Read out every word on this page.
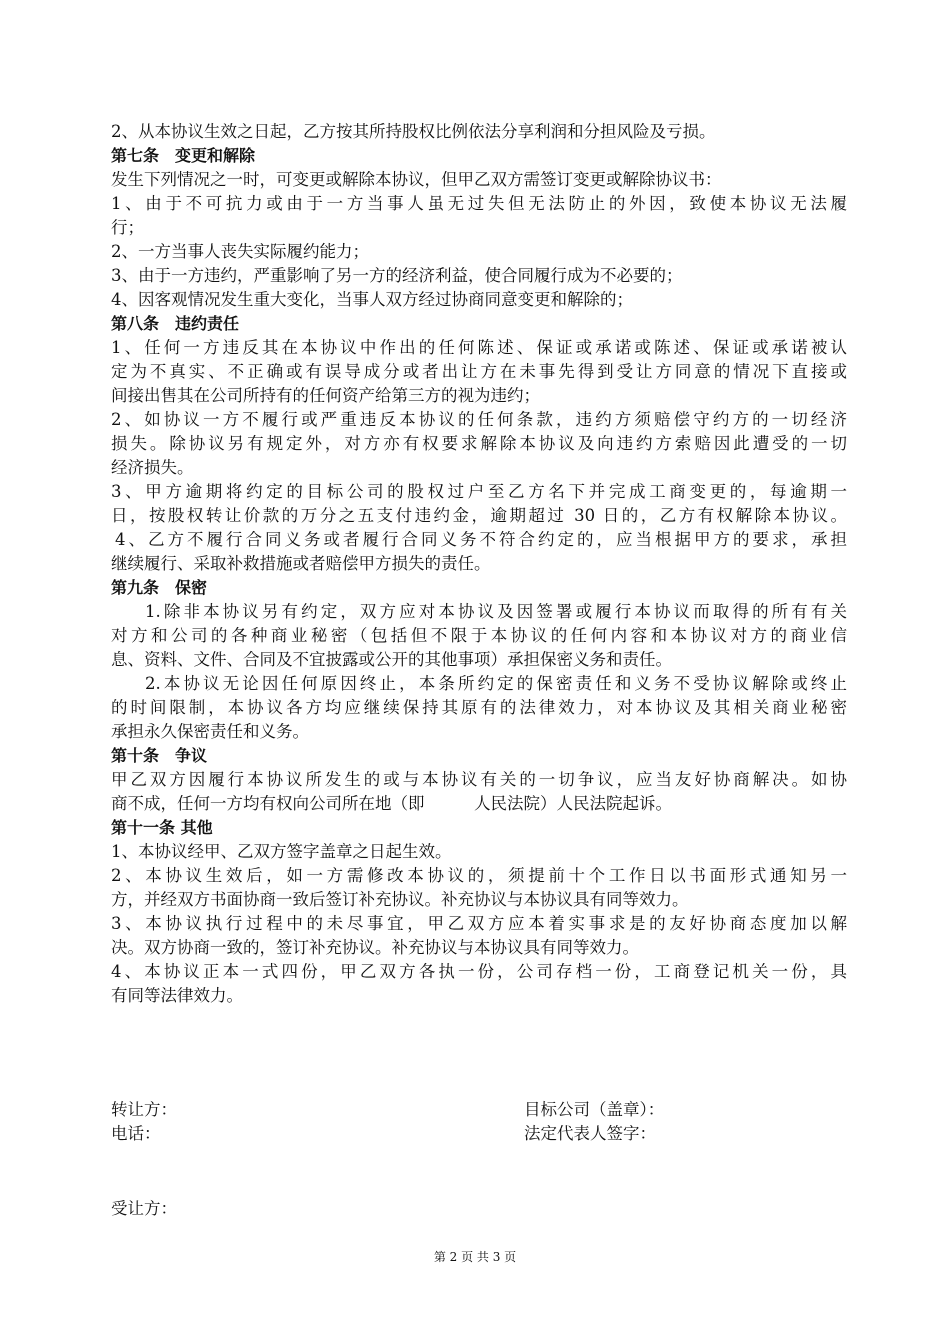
2、从本协议生效之日起，乙方按其所持股权比例依法分享利润和分担风险及亏损。
第七条　变更和解除
发生下列情况之一时，可变更或解除本协议，但甲乙双方需签订变更或解除协议书：
1、由于不可抗力或由于一方当事人虽无过失但无法防止的外因，致使本协议无法履
行；
2、一方当事人丧失实际履约能力；
3、由于一方违约，严重影响了另一方的经济利益，使合同履行成为不必要的；
4、因客观情况发生重大变化，当事人双方经过协商同意变更和解除的；
第八条　违约责任
1、任何一方违反其在本协议中作出的任何陈述、保证或承诺或陈述、保证或承诺被认
定为不真实、不正确或有误导成分或者出让方在未事先得到受让方同意的情况下直接或
间接出售其在公司所持有的任何资产给第三方的视为违约；
2、如协议一方不履行或严重违反本协议的任何条款，违约方须赔偿守约方的一切经济
损失。除协议另有规定外，对方亦有权要求解除本协议及向违约方索赔因此遭受的一切
经济损失。
3、甲方逾期将约定的目标公司的股权过户至乙方名下并完成工商变更的，每逾期一
日，按股权转让价款的万分之五支付违约金，逾期超过 30 日的，乙方有权解除本协议。
4、乙方不履行合同义务或者履行合同义务不符合约定的，应当根据甲方的要求，承担
继续履行、采取补救措施或者赔偿甲方损失的责任。
第九条　保密
1.除非本协议另有约定，双方应对本协议及因签署或履行本协议而取得的所有有关
对方和公司的各种商业秘密（包括但不限于本协议的任何内容和本协议对方的商业信
息、资料、文件、合同及不宜披露或公开的其他事项）承担保密义务和责任。
2.本协议无论因任何原因终止，本条所约定的保密责任和义务不受协议解除或终止
的时间限制，本协议各方均应继续保持其原有的法律效力，对本协议及其相关商业秘密
承担永久保密责任和义务。
第十条　争议
甲乙双方因履行本协议所发生的或与本协议有关的一切争议，应当友好协商解决。如协
商不成，任何一方均有权向公司所在地（即　　　人民法院）人民法院起诉。
第十一条 其他
1、本协议经甲、乙双方签字盖章之日起生效。
2、本协议生效后，如一方需修改本协议的，须提前十个工作日以书面形式通知另一
方，并经双方书面协商一致后签订补充协议。补充协议与本协议具有同等效力。
3、本协议执行过程中的未尽事宜，甲乙双方应本着实事求是的友好协商态度加以解
决。双方协商一致的，签订补充协议。补充协议与本协议具有同等效力。
4、本协议正本一式四份，甲乙双方各执一份，公司存档一份，工商登记机关一份，具
有同等法律效力。
转让方：
电话：
目标公司（盖章）：
法定代表人签字：
受让方：
第 2 页 共 3 页
